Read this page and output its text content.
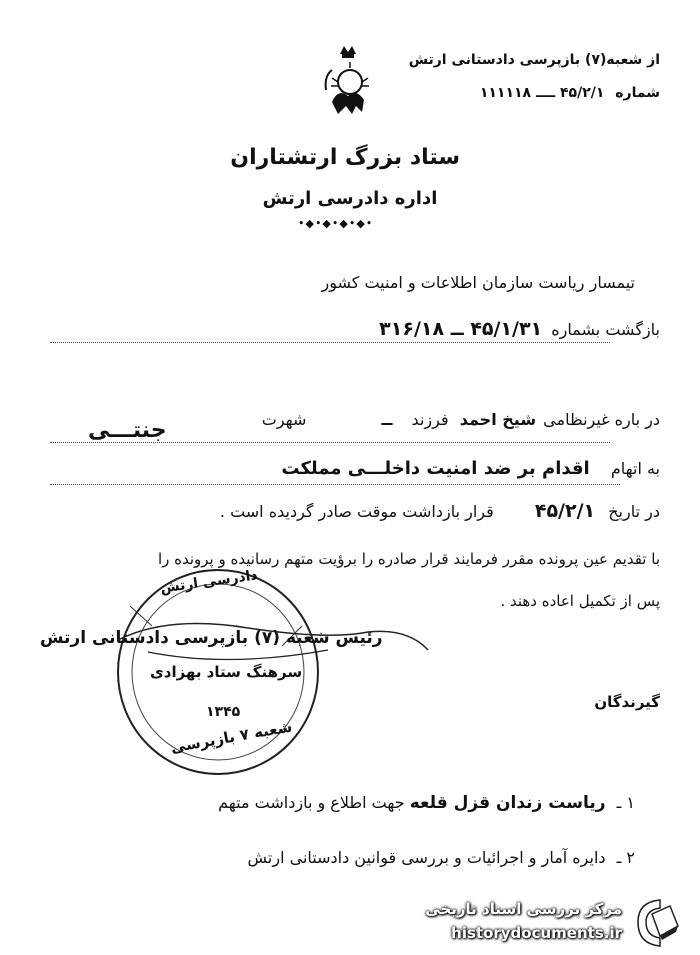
از شعبه(۷) بازپرسی دادستانی ارتش
شماره ۴۵/۲/۱ ــــ ۱۱۱۱۱۸
ستاد بزرگ ارتشتاران
اداره دادرسی ارتش
•◆•◆•◆•◆•
تیمسار ریاست سازمان اطلاعات و امنیت کشور
بازگشت بشماره ۴۵/۱/۳۱ ــ ۳۱۶/۱۸
در باره غیرنظامی شیخ احمد فرزند ــ شهرت
جنتـــی
به اتهام اقدام بر ضد امنیت داخلـــی مملکت
در تاریخ ۴۵/۲/۱ قرار بازداشت موقت صادر گردیده است .
با تقدیم عین پرونده مقرر فرمایند قرار صادره را برؤیت متهم رسانیده و پرونده را
پس از تکمیل اعاده دهند .
دادرسی ارتش
۱۳۴۵
شعبه ۷ بازپرسی
رئیس شعبه (۷) بازپرسی دادستانی ارتش
سرهنگ ستاد بهزادی
گیرندگان
۱ ـ ریاست زندان قزل قلعه جهت اطلاع و بازداشت متهم
۲ ـ دایره آمار و اجرائیات و بررسی قوانین دادستانی ارتش
مرکز بررسی اسناد تاریخی
historydocuments.ir
